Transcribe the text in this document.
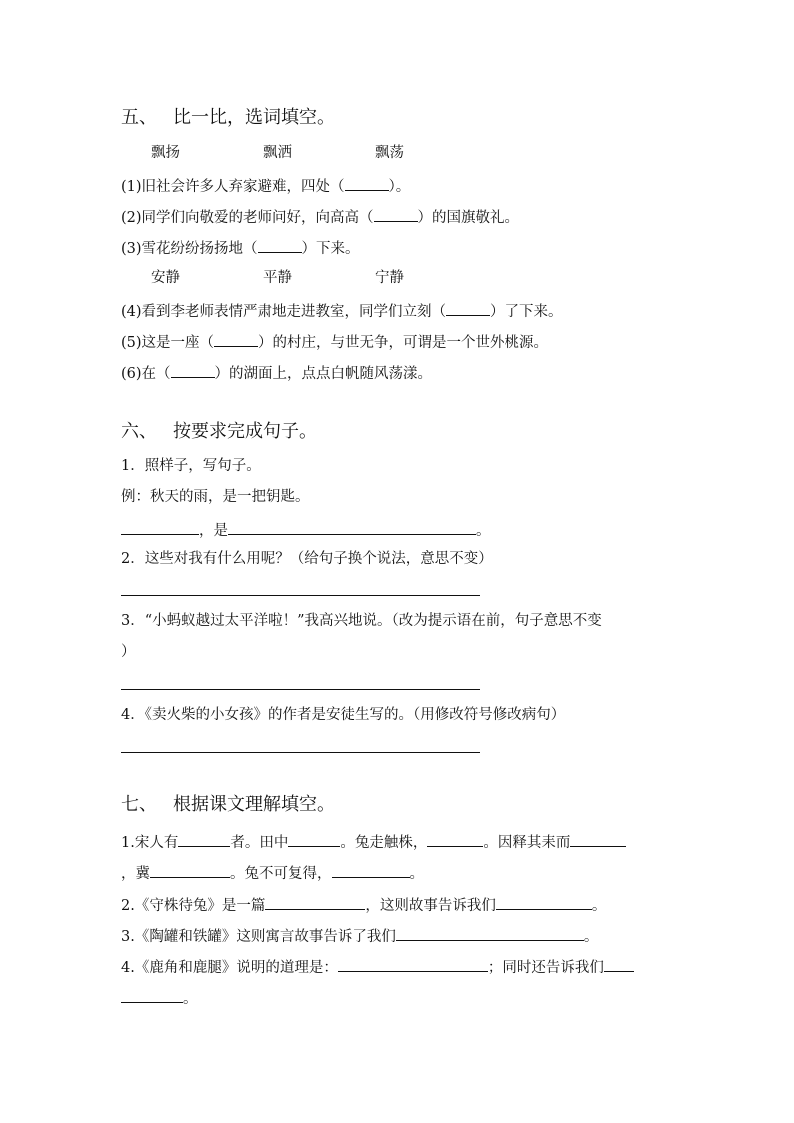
五、 比一比，选词填空。
飘扬	飘洒	飘荡
(1)旧社会许多人弃家避难，四处（	）。
(2)同学们向敬爱的老师问好，向高高（	）的国旗敬礼。
(3)雪花纷纷扬扬地（	）下来。
安静	平静	宁静
(4)看到李老师表情严肃地走进教室，同学们立刻（	）了下来。
(5)这是一座（	）的村庄，与世无争，可谓是一个世外桃源。
(6)在（	）的湖面上，点点白帆随风荡漾。
六、 按要求完成句子。
1．照样子，写句子。
例：秋天的雨，是一把钥匙。
，是	。
2．这些对我有什么用呢？（给句子换个说法，意思不变）
3．“小蚂蚁越过太平洋啦！”我高兴地说。（改为提示语在前，句子意思不变
）
4．《卖火柴的小女孩》的作者是安徒生写的。（用修改符号修改病句）
七、 根据课文理解填空。
1.宋人有	者。田中	。兔走触株，	。因释其耒而
，冀	。兔不可复得，	。
2.《守株待兔》是一篇	，这则故事告诉我们	。
3.《陶罐和铁罐》这则寓言故事告诉了我们	。
4.《鹿角和鹿腿》说明的道理是：	；同时还告诉我们
。
